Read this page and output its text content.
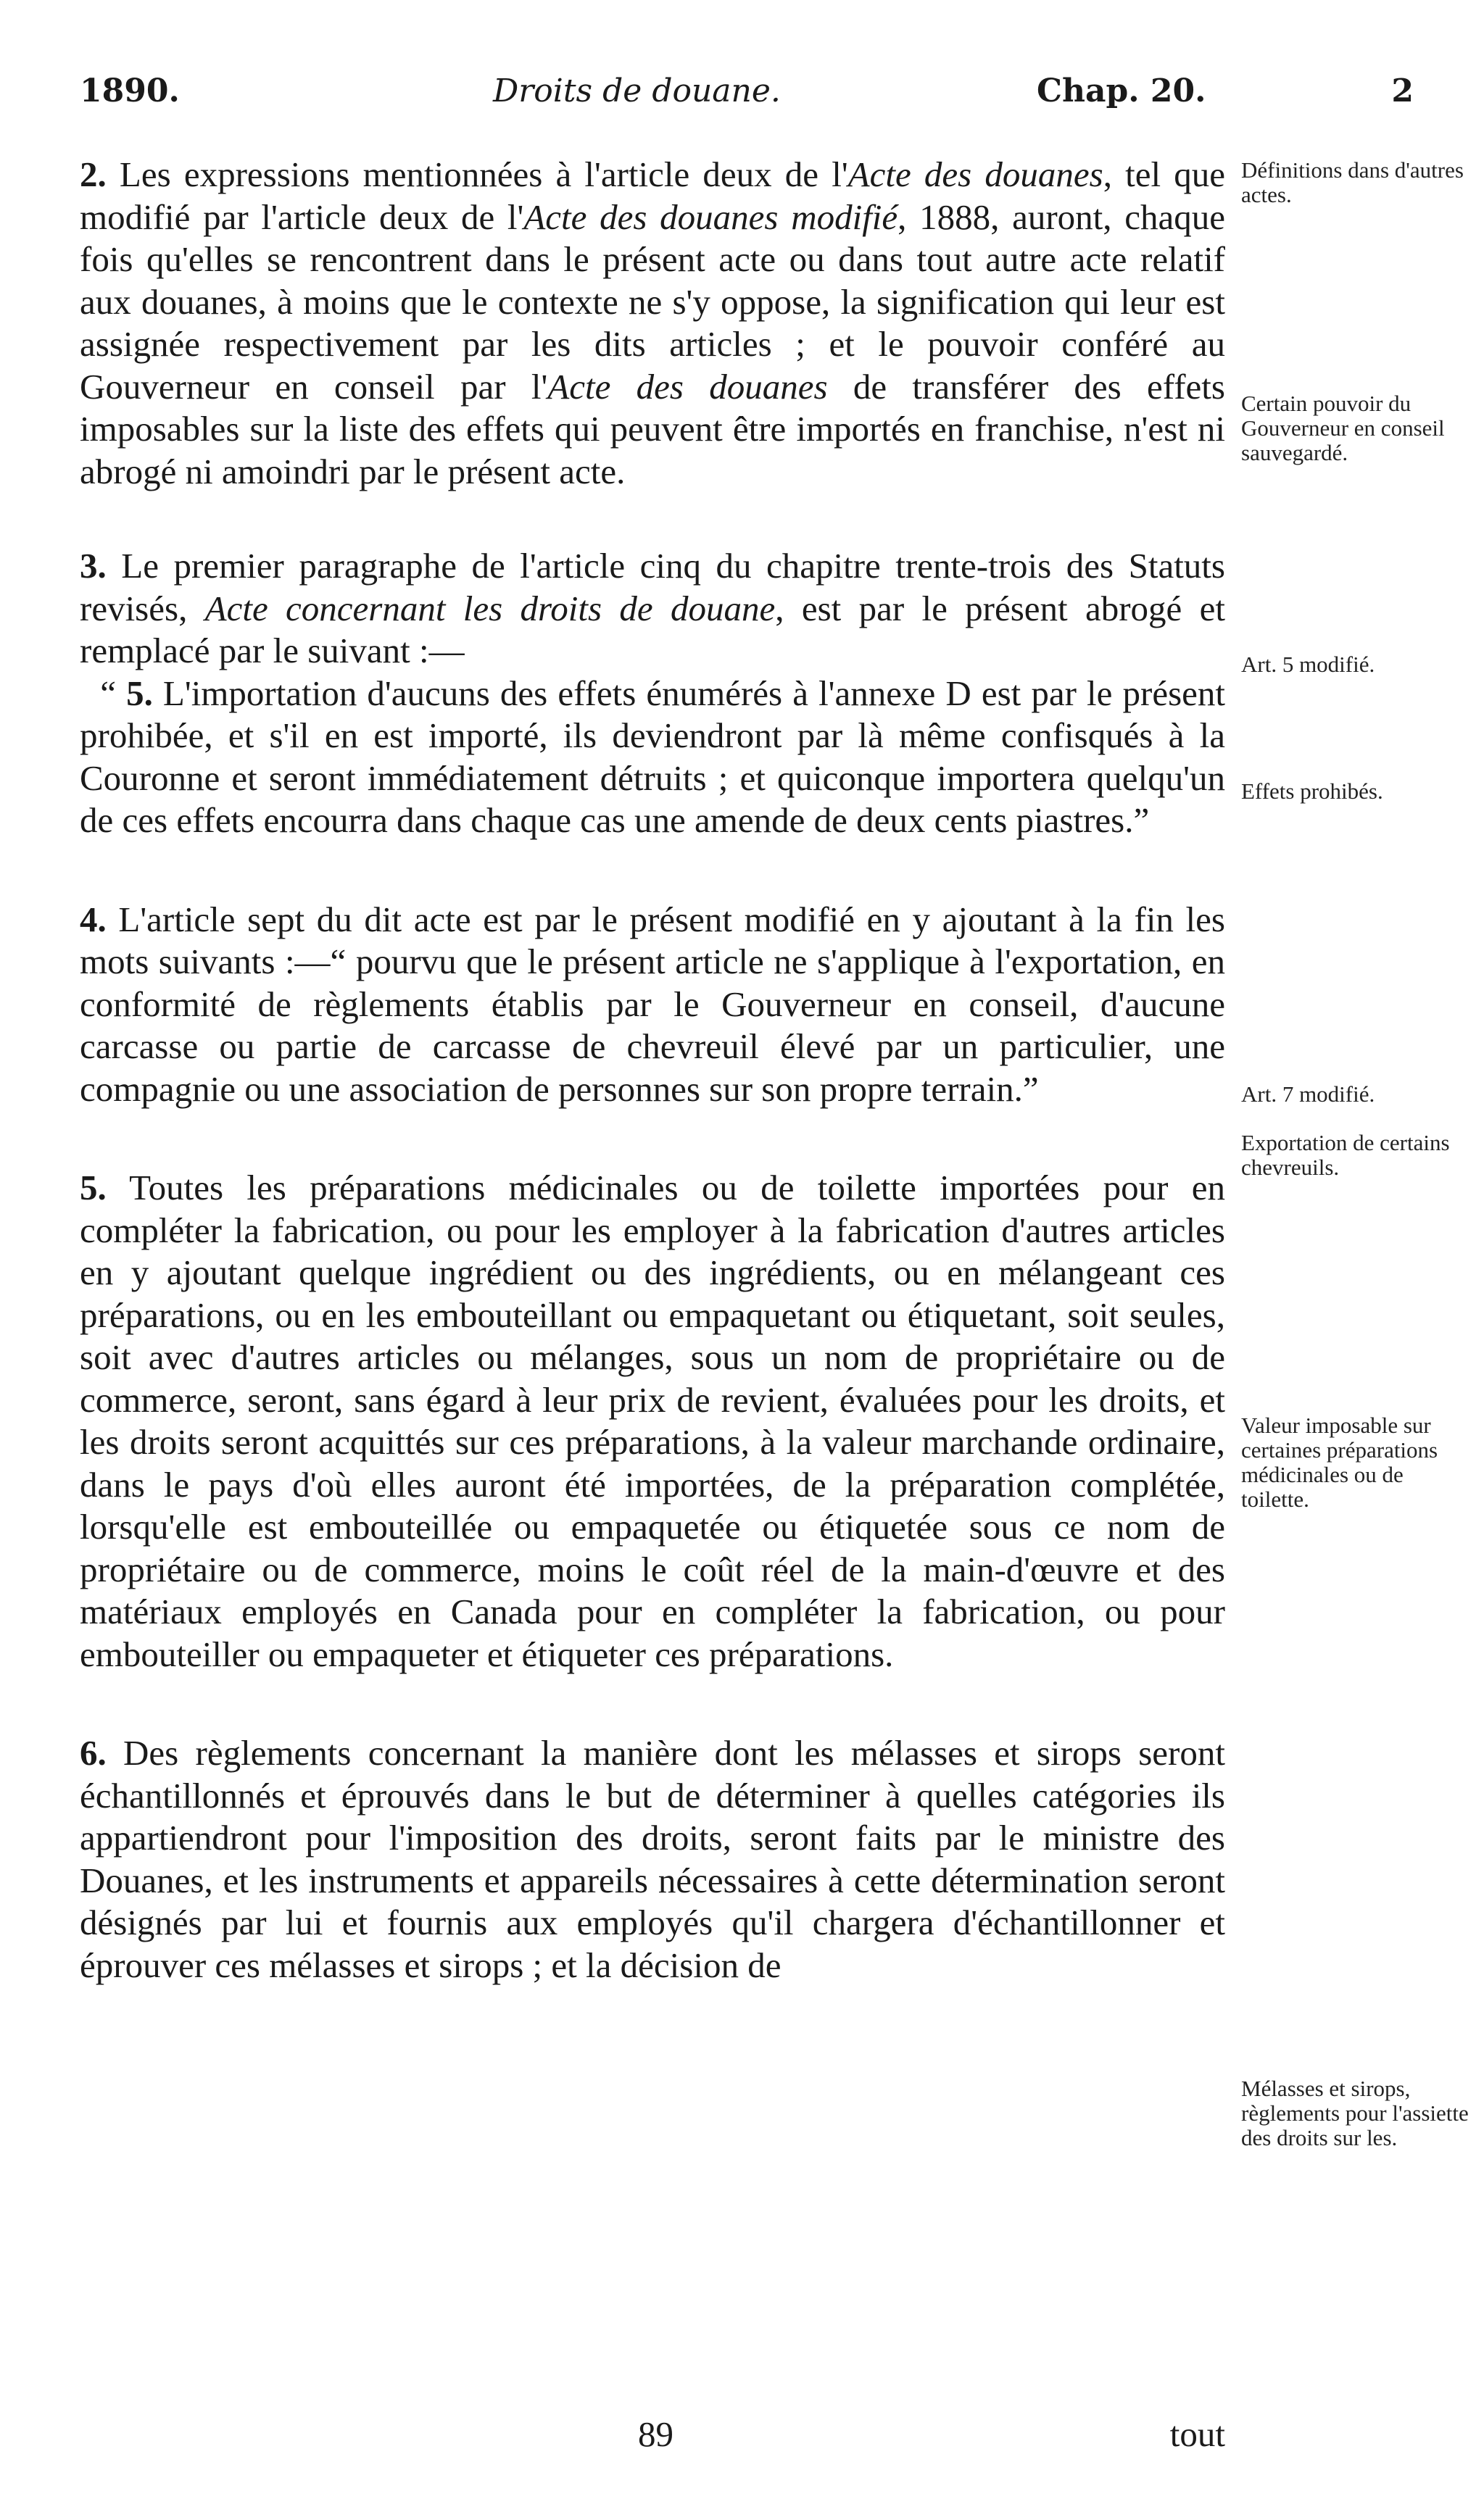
1890.	Droits de douane.	Chap. 20.	2

2. Les expressions mentionnées à l'article deux de l'Acte des douanes, tel que modifié par l'article deux de l'Acte des douanes modifié, 1888, auront, chaque fois qu'elles se rencontrent dans le présent acte ou dans tout autre acte relatif aux douanes, à moins que le contexte ne s'y oppose, la signification qui leur est assignée respectivement par les dits articles ; et le pouvoir conféré au Gouverneur en conseil par l'Acte des douanes de transférer des effets imposables sur la liste des effets qui peuvent être importés en franchise, n'est ni abrogé ni amoindri par le présent acte.

3. Le premier paragraphe de l'article cinq du chapitre trente-trois des Statuts revisés, Acte concernant les droits de douane, est par le présent abrogé et remplacé par le suivant :—

“ 5. L'importation d'aucuns des effets énumérés à l'annexe D est par le présent prohibée, et s'il en est importé, ils deviendront par là même confisqués à la Couronne et seront immédiatement détruits ; et quiconque importera quelqu'un de ces effets encourra dans chaque cas une amende de deux cents piastres.”

4. L'article sept du dit acte est par le présent modifié en y ajoutant à la fin les mots suivants :—“ pourvu que le présent article ne s'applique à l'exportation, en conformité de règlements établis par le Gouverneur en conseil, d'aucune carcasse ou partie de carcasse de chevreuil élevé par un particulier, une compagnie ou une association de personnes sur son propre terrain.”

5. Toutes les préparations médicinales ou de toilette importées pour en compléter la fabrication, ou pour les employer à la fabrication d'autres articles en y ajoutant quelque ingrédient ou des ingrédients, ou en mélangeant ces préparations, ou en les embouteillant ou empaquetant ou étiquetant, soit seules, soit avec d'autres articles ou mélanges, sous un nom de propriétaire ou de commerce, seront, sans égard à leur prix de revient, évaluées pour les droits, et les droits seront acquittés sur ces préparations, à la valeur marchande ordinaire, dans le pays d'où elles auront été importées, de la préparation complétée, lorsqu'elle est embouteillée ou empaquetée ou étiquetée sous ce nom de propriétaire ou de commerce, moins le coût réel de la main-d'œuvre et des matériaux employés en Canada pour en compléter la fabrication, ou pour embouteiller ou empaqueter et étiqueter ces préparations.

6. Des règlements concernant la manière dont les mélasses et sirops seront échantillonnés et éprouvés dans le but de déterminer à quelles catégories ils appartiendront pour l'imposition des droits, seront faits par le ministre des Douanes, et les instruments et appareils nécessaires à cette détermination seront désignés par lui et fournis aux employés qu'il chargera d'échantillonner et éprouver ces mélasses et sirops ; et la décision de

Définitions dans d'autres actes.
Certain pouvoir du Gouverneur en conseil sauvegardé.
Art. 5 modifié.
Effets prohibés.
Art. 7 modifié.
Exportation de certains chevreuils.
Valeur imposable sur certaines préparations médicinales ou de toilette.
Mélasses et sirops, règlements pour l'assiette des droits sur les.
89	tout
